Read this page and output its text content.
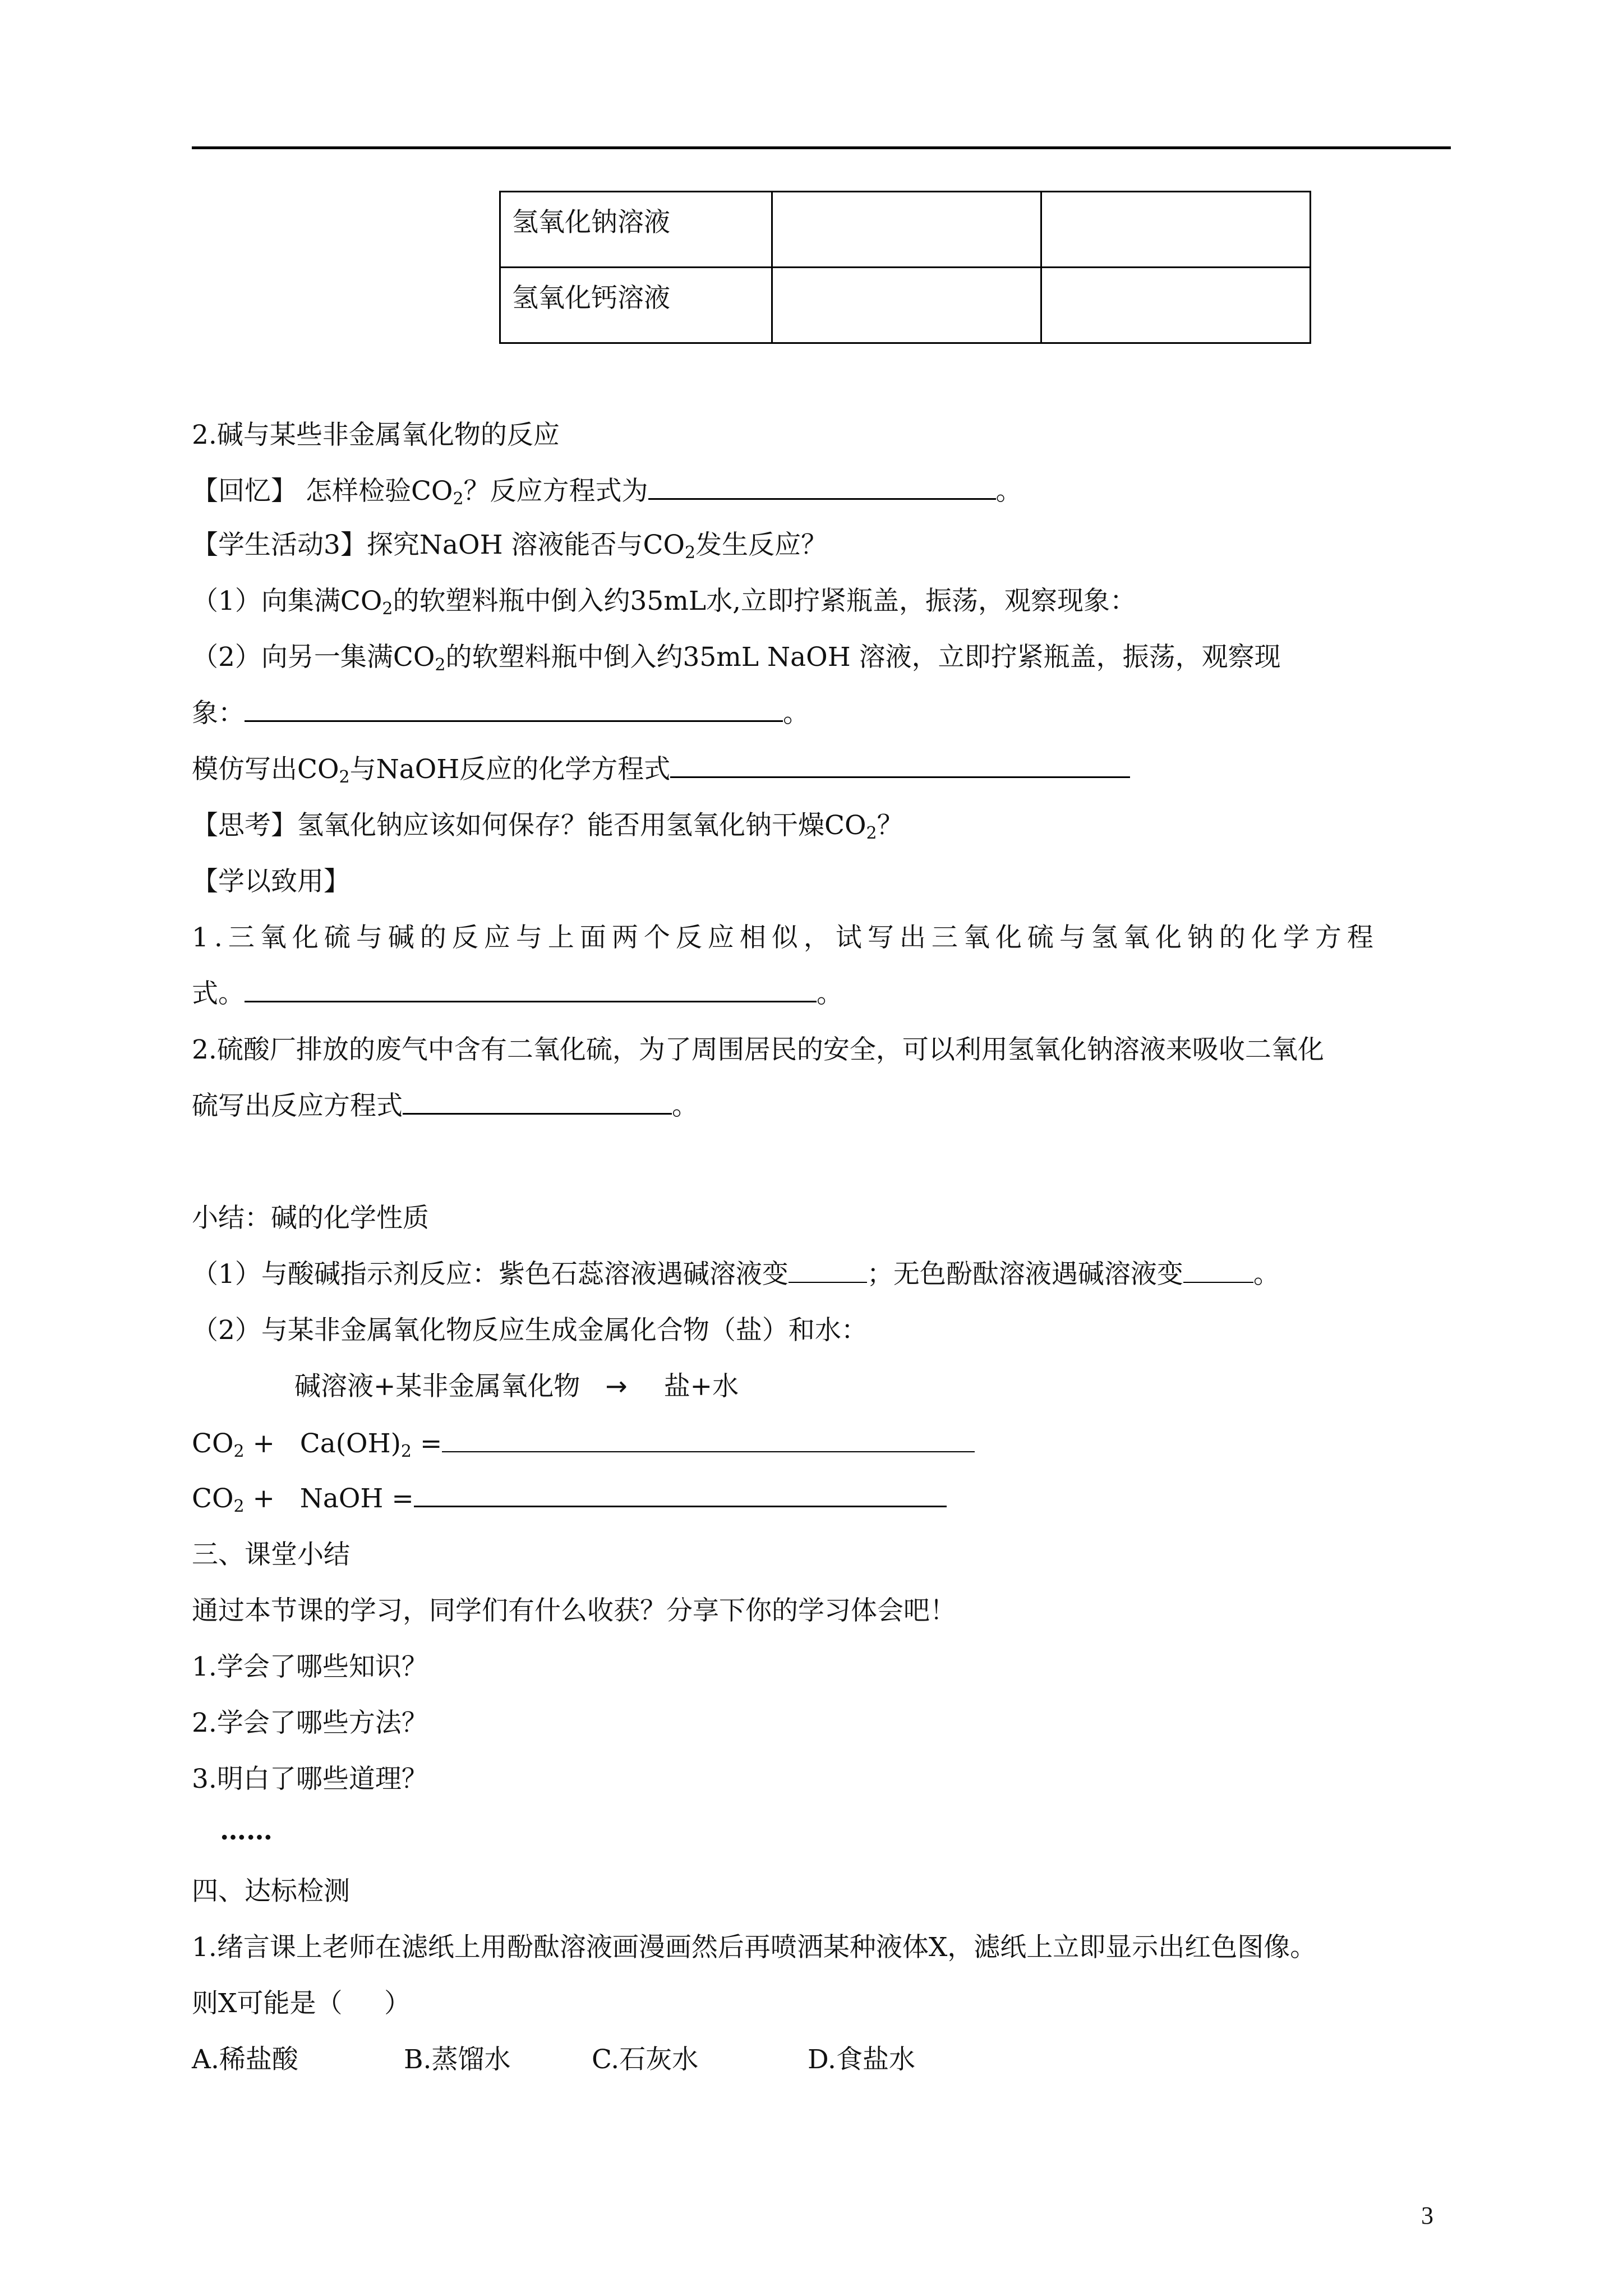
氢氧化钠溶液		
氢氧化钙溶液		
2.碱与某些非金属氧化物的反应
【回忆】 怎样检验$CO_2$？反应方程式为	。
【学生活动3】探究NaOH 溶液能否与$CO_2$发生反应？
（1）向集满$CO_2$的软塑料瓶中倒入约35mL水,立即拧紧瓶盖，振荡，观察现象：
（2）向另一集满$CO_2$的软塑料瓶中倒入约35mL NaOH 溶液，立即拧紧瓶盖，振荡，观察现
象：	。
模仿写出$CO_2$与NaOH反应的化学方程式
【思考】氢氧化钠应该如何保存？能否用氢氧化钠干燥$CO_2$？
【学以致用】
1.三氧化硫与碱的反应与上面两个反应相似，试写出三氧化硫与氢氧化钠的化学方程
式。	。
2.硫酸厂排放的废气中含有二氧化硫，为了周围居民的安全，可以利用氢氧化钠溶液来吸收二氧化
硫写出反应方程式	。
小结：碱的化学性质
（1）与酸碱指示剂反应：紫色石蕊溶液遇碱溶液变	；无色酚酞溶液遇碱溶液变	。
（2）与某非金属氧化物反应生成金属化合物（盐）和水：
碱溶液+某非金属氧化物 → 盐+水
$CO_2 + Ca(OH)_2$ =
$CO_2$ +   NaOH =
三、课堂小结
通过本节课的学习，同学们有什么收获？分享下你的学习体会吧！
1.学会了哪些知识？
2.学会了哪些方法？
3.明白了哪些道理？
……
四、达标检测
1.绪言课上老师在滤纸上用酚酞溶液画漫画然后再喷洒某种液体X，滤纸上立即显示出红色图像。
则X可能是（     ）
A.稀盐酸	B.蒸馏水	C.石灰水	D.食盐水
3
